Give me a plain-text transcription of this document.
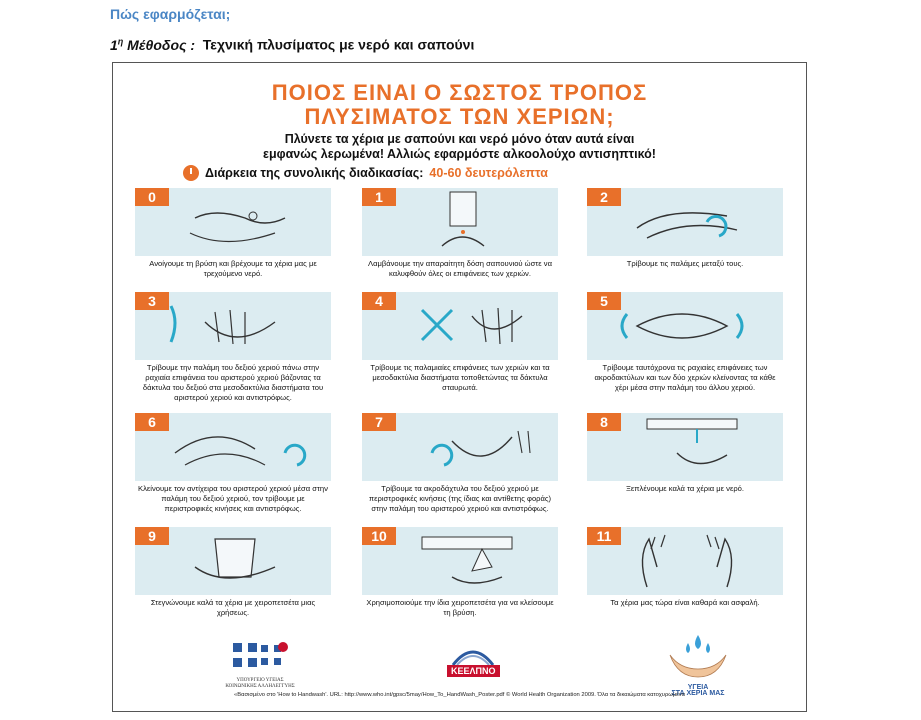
Πώς εφαρμόζεται;
$1^\eta$ Μέθοδος : Τεχνική πλυσίματος με νερό και σαπούνι
ΠΟΙΟΣ ΕΙΝΑΙ Ο ΣΩΣΤΟΣ ΤΡΟΠΟΣ
ΠΛΥΣΙΜΑΤΟΣ ΤΩΝ ΧΕΡΙΩΝ;
Πλύνετε τα χέρια με σαπούνι και νερό μόνο όταν αυτά είναι
εμφανώς λερωμένα! Αλλιώς εφαρμόστε αλκοολούχο αντισηπτικό!
Διάρκεια της συνολικής διαδικασίας: 40-60 δευτερόλεπτα
0
Ανοίγουμε τη βρύση και βρέχουμε τα χέρια μας με τρεχούμενο νερό.
1
Λαμβάνουμε την απαραίτητη δόση σαπουνιού ώστε να καλυφθούν όλες οι επιφάνειες των χεριών.
2
Τρίβουμε τις παλάμες μεταξύ τους.
3
Τρίβουμε την παλάμη του δεξιού χεριού πάνω στην ραχιαία επιφάνεια του αριστερού χεριού βάζοντας τα δάκτυλα του δεξιού στα μεσοδακτύλια διαστήματα του αριστερού χεριού και αντιστρόφως.
4
Τρίβουμε τις παλαμιαίες επιφάνειες των χεριών και τα μεσοδακτύλια διαστήματα τοποθετώντας τα δάκτυλα σταυρωτά.
5
Τρίβουμε ταυτόχρονα τις ραχιαίες επιφάνειες των ακροδακτύλων και των δύο χεριών κλείνοντας τα κάθε χέρι μέσα στην παλάμη του άλλου χεριού.
6
Κλείνουμε τον αντίχειρα του αριστερού χεριού μέσα στην παλάμη του δεξιού χεριού, τον τρίβουμε με περιστροφικές κινήσεις και αντιστρόφως.
7
Τρίβουμε τα ακροδάχτυλα του δεξιού χεριού με περιστροφικές κινήσεις (της ίδιας και αντίθετης φοράς) στην παλάμη του αριστερού χεριού και αντιστρόφως.
8
Ξεπλένουμε καλά τα χέρια με νερό.
9
Στεγνώνουμε καλά τα χέρια με χειροπετσέτα μιας χρήσεως.
10
Χρησιμοποιούμε την ίδια χειροπετσέτα για να κλείσουμε τη βρύση.
11
Τα χέρια μας τώρα είναι καθαρά και ασφαλή.
ΥΠΟΥΡΓΕΙΟ ΥΓΕΙΑΣ ΚΟΙΝΩΝΙΚΗΣ ΑΛΛΗΛΕΓΓΥΗΣ
ΚΕΕΛΠΝΟ
ΥΓΕΙΑ
ΣΤΑ ΧΕΡΙΑ ΜΑΣ
«Βασισμένο στο 'How to Handwash'. URL: http://www.who.int/gpsc/5may/How_To_HandWash_Poster.pdf © World Health Organization 2009. Όλα τα δικαιώματα κατοχυρωμένα
